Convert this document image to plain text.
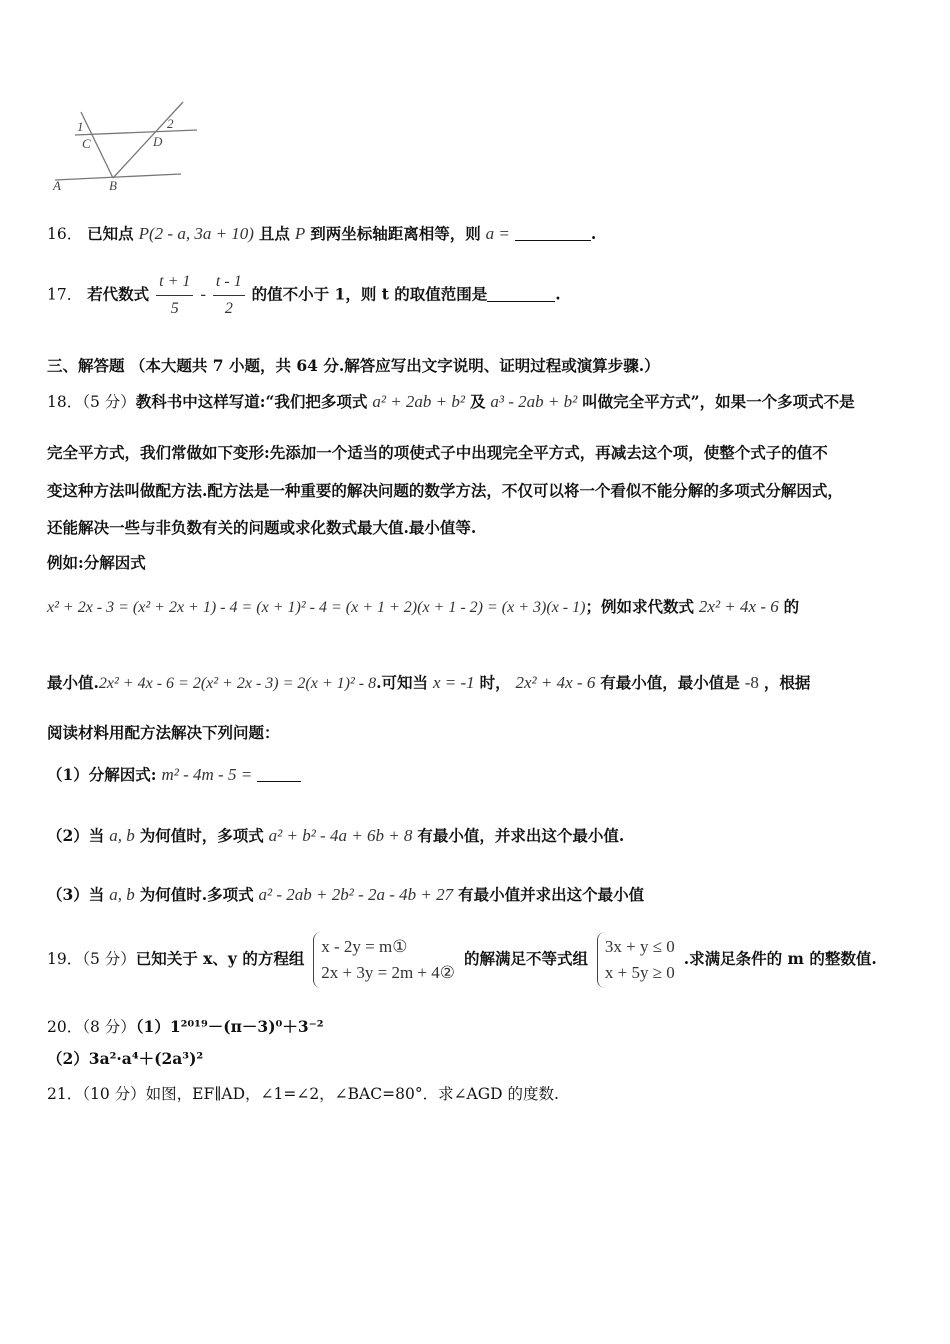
1	2
C	D
A	B
16． 已知点 P(2 - a, 3a + 10) 且点 P 到两坐标轴距离相等，则 a =	.
17． 若代数式 $\frac{t + 1}{5} - \frac{t - 1}{2}$ 的值不小于 1，则 t 的取值范围是	.
三、解答题 （本大题共 7 小题，共 64 分.解答应写出文字说明、证明过程或演算步骤.）
18．（5 分）教科书中这样写道:“我们把多项式 a² + 2ab + b² 及 a³ - 2ab + b² 叫做完全平方式”，如果一个多项式不是
完全平方式，我们常做如下变形:先添加一个适当的项使式子中出现完全平方式，再减去这个项，使整个式子的值不
变这种方法叫做配方法.配方法是一种重要的解决问题的数学方法，不仅可以将一个看似不能分解的多项式分解因式，
还能解决一些与非负数有关的问题或求化数式最大值.最小值等.
例如:分解因式
x² + 2x - 3 = (x² + 2x + 1) - 4 = (x + 1)² - 4 = (x + 1 + 2)(x + 1 - 2) = (x + 3)(x - 1)；例如求代数式 2x² + 4x - 6 的
最小值.2x² + 4x - 6 = 2(x² + 2x - 3) = 2(x + 1)² - 8.可知当 x = -1 时， 2x² + 4x - 6 有最小值，最小值是 -8 ，根据
阅读材料用配方法解决下列问题：
（1）分解因式: m² - 4m - 5 =
（2）当 a, b 为何值时，多项式 a² + b² - 4a + 6b + 8 有最小值，并求出这个最小值.
（3）当 a, b 为何值时.多项式 a² - 2ab + 2b² - 2a - 4b + 27 有最小值并求出这个最小值
19．（5 分）已知关于 x、y 的方程组
x - 2y = m①
2x + 3y = 2m + 4②
的解满足不等式组
3x + y ≤ 0
x + 5y ≥ 0
.求满足条件的 m 的整数值.
20．（8 分）（1）1²⁰¹⁹－(π－3)⁰＋3⁻²
（2）3a²·a⁴＋(2a³)²
21．（10 分）如图，EF∥AD，∠1=∠2，∠BAC=80°．求∠AGD 的度数.
